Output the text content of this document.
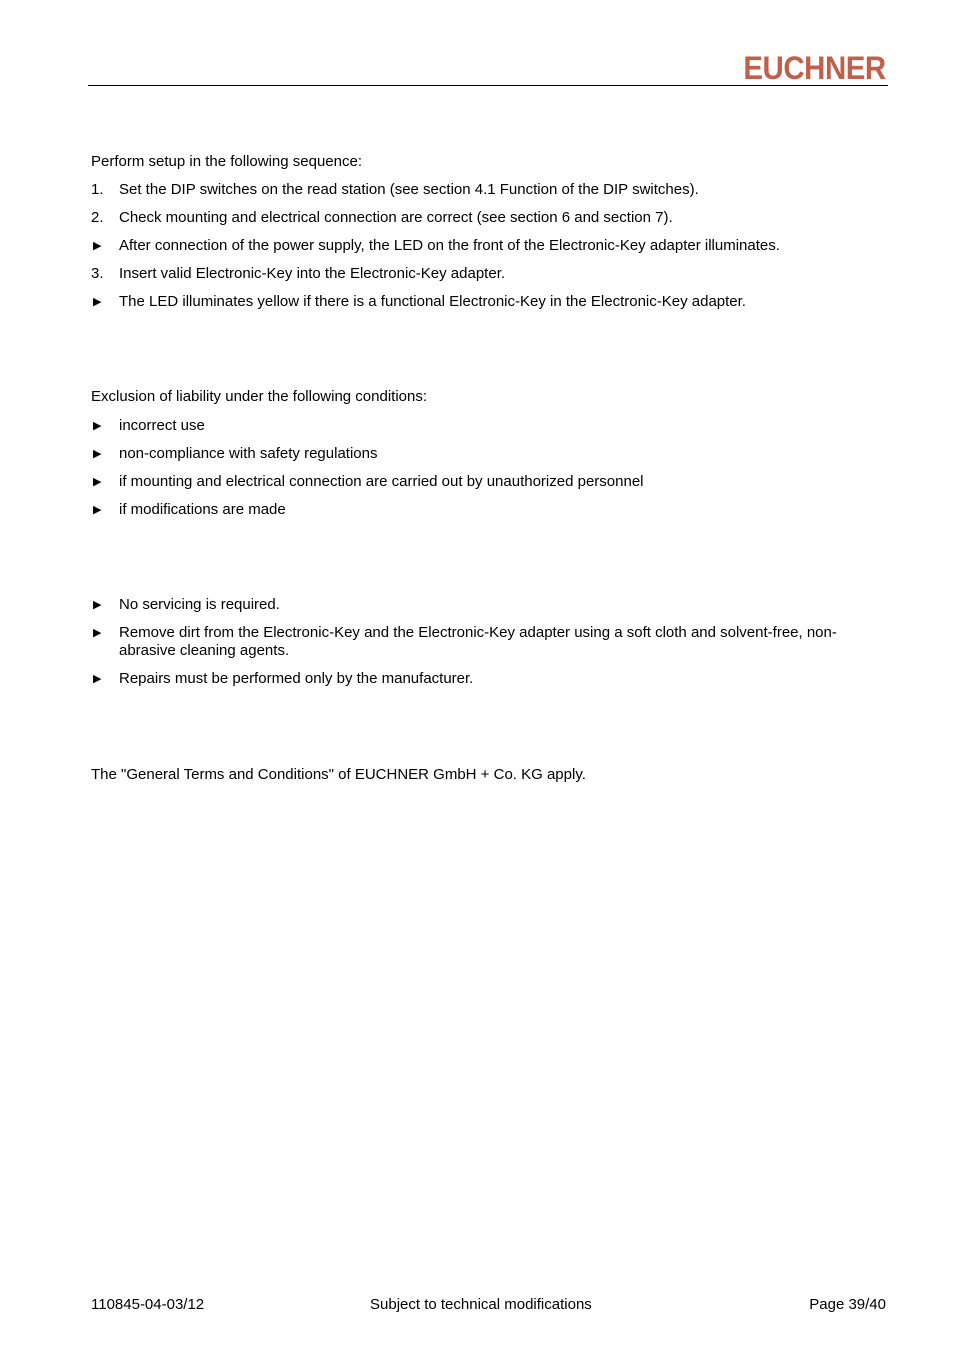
EUCHNER
Perform setup in the following sequence:
1.	Set the DIP switches on the read station (see section 4.1 Function of the DIP switches).
2.	Check mounting and electrical connection are correct (see section 6 and section 7).
▶	After connection of the power supply, the LED on the front of the Electronic-Key adapter illuminates.
3.	Insert valid Electronic-Key into the Electronic-Key adapter.
▶	The LED illuminates yellow if there is a functional Electronic-Key in the Electronic-Key adapter.
Exclusion of liability under the following conditions:
▶	incorrect use
▶	non-compliance with safety regulations
▶	if mounting and electrical connection are carried out by unauthorized personnel
▶	if modifications are made
▶	No servicing is required.
▶	Remove dirt from the Electronic-Key and the Electronic-Key adapter using a soft cloth and solvent-free, non-abrasive cleaning agents.
▶	Repairs must be performed only by the manufacturer.
The "General Terms and Conditions" of EUCHNER GmbH + Co. KG apply.
110845-04-03/12	Subject to technical modifications	Page 39/40
